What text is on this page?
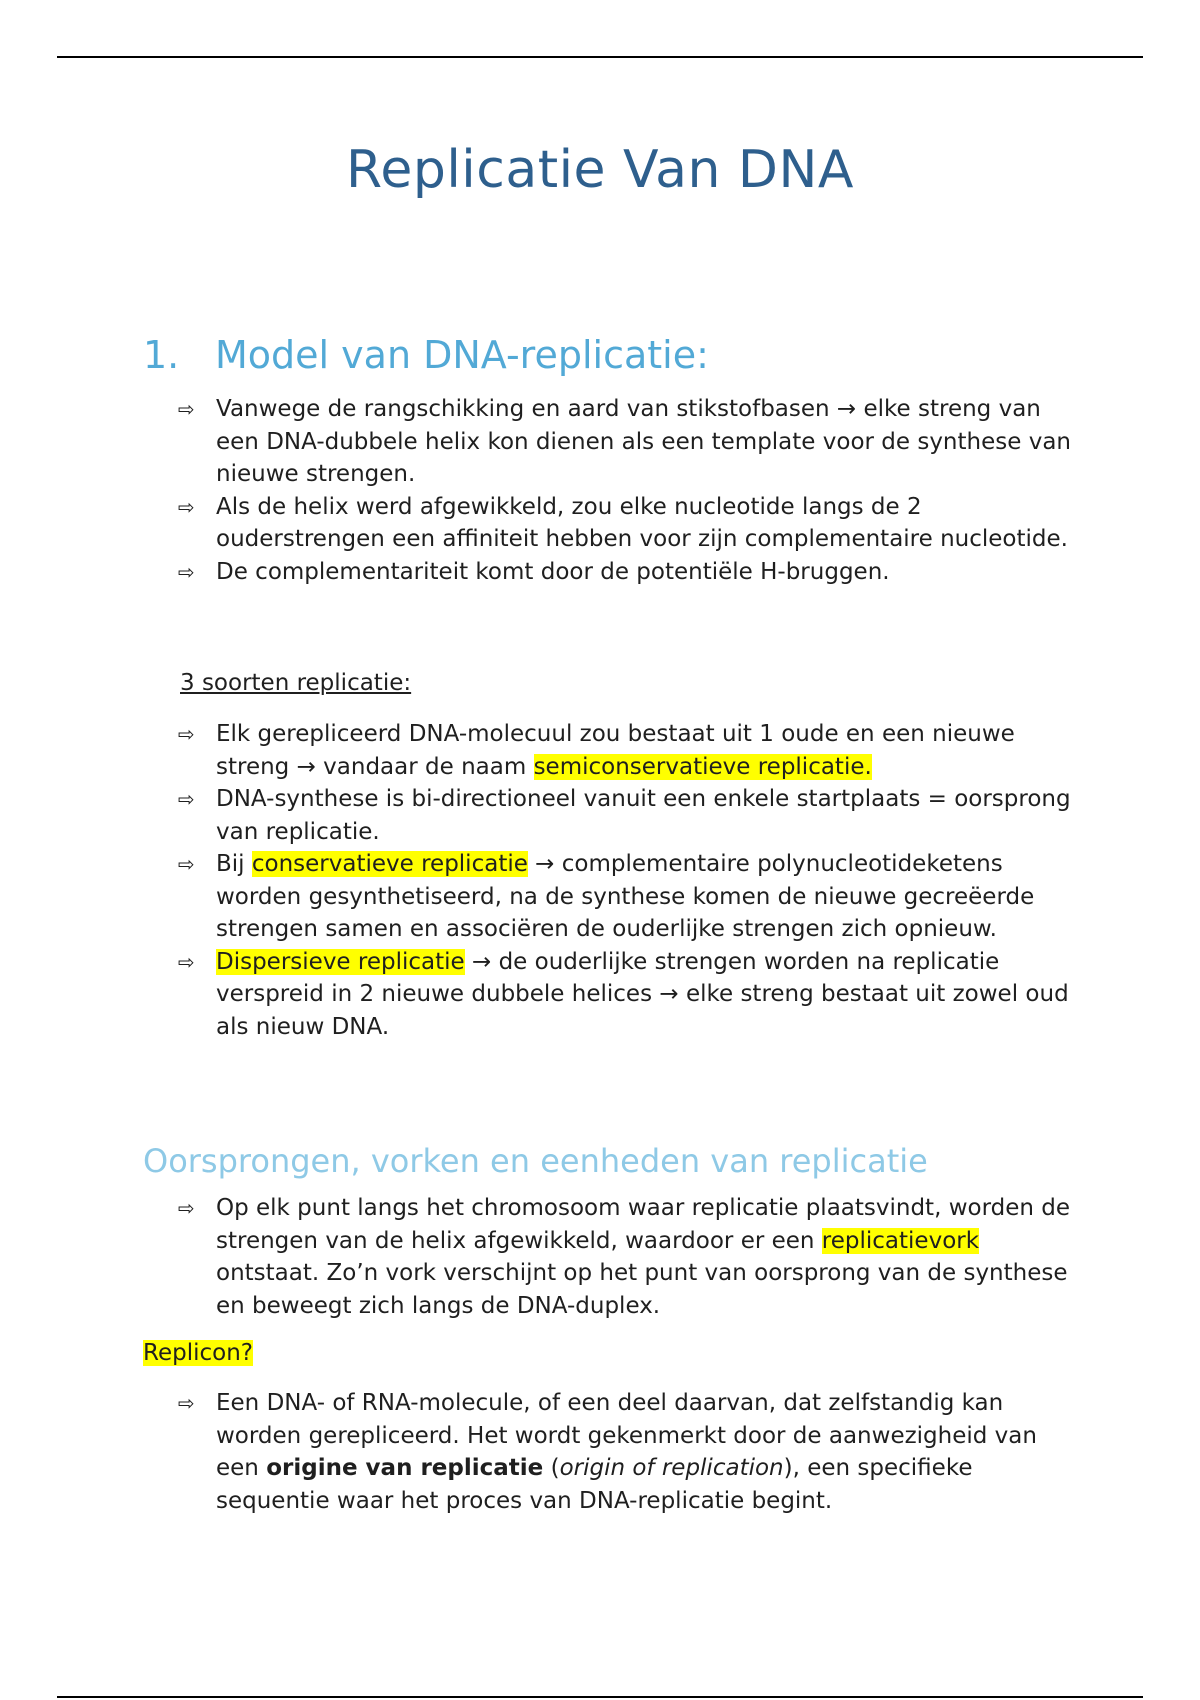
Replicatie Van DNA
1. Model van DNA-replicatie:
⇨ Vanwege de rangschikking en aard van stikstofbasen → elke streng van een DNA-dubbele helix kon dienen als een template voor de synthese van nieuwe strengen.
⇨ Als de helix werd afgewikkeld, zou elke nucleotide langs de 2 ouderstrengen een affiniteit hebben voor zijn complementaire nucleotide.
⇨ De complementariteit komt door de potentiële H-bruggen.
3 soorten replicatie:
⇨ Elk gerepliceerd DNA-molecuul zou bestaat uit 1 oude en een nieuwe streng → vandaar de naam semiconservatieve replicatie.
⇨ DNA-synthese is bi-directioneel vanuit een enkele startplaats = oorsprong van replicatie.
⇨ Bij conservatieve replicatie → complementaire polynucleotideketens worden gesynthetiseerd, na de synthese komen de nieuwe gecreëerde strengen samen en associëren de ouderlijke strengen zich opnieuw.
⇨ Dispersieve replicatie → de ouderlijke strengen worden na replicatie verspreid in 2 nieuwe dubbele helices → elke streng bestaat uit zowel oud als nieuw DNA.
Oorsprongen, vorken en eenheden van replicatie
⇨ Op elk punt langs het chromosoom waar replicatie plaatsvindt, worden de strengen van de helix afgewikkeld, waardoor er een replicatievork ontstaat. Zo’n vork verschijnt op het punt van oorsprong van de synthese en beweegt zich langs de DNA-duplex.
Replicon?
⇨ Een DNA- of RNA-molecule, of een deel daarvan, dat zelfstandig kan worden gerepliceerd. Het wordt gekenmerkt door de aanwezigheid van een origine van replicatie (origin of replication), een specifieke sequentie waar het proces van DNA-replicatie begint.
